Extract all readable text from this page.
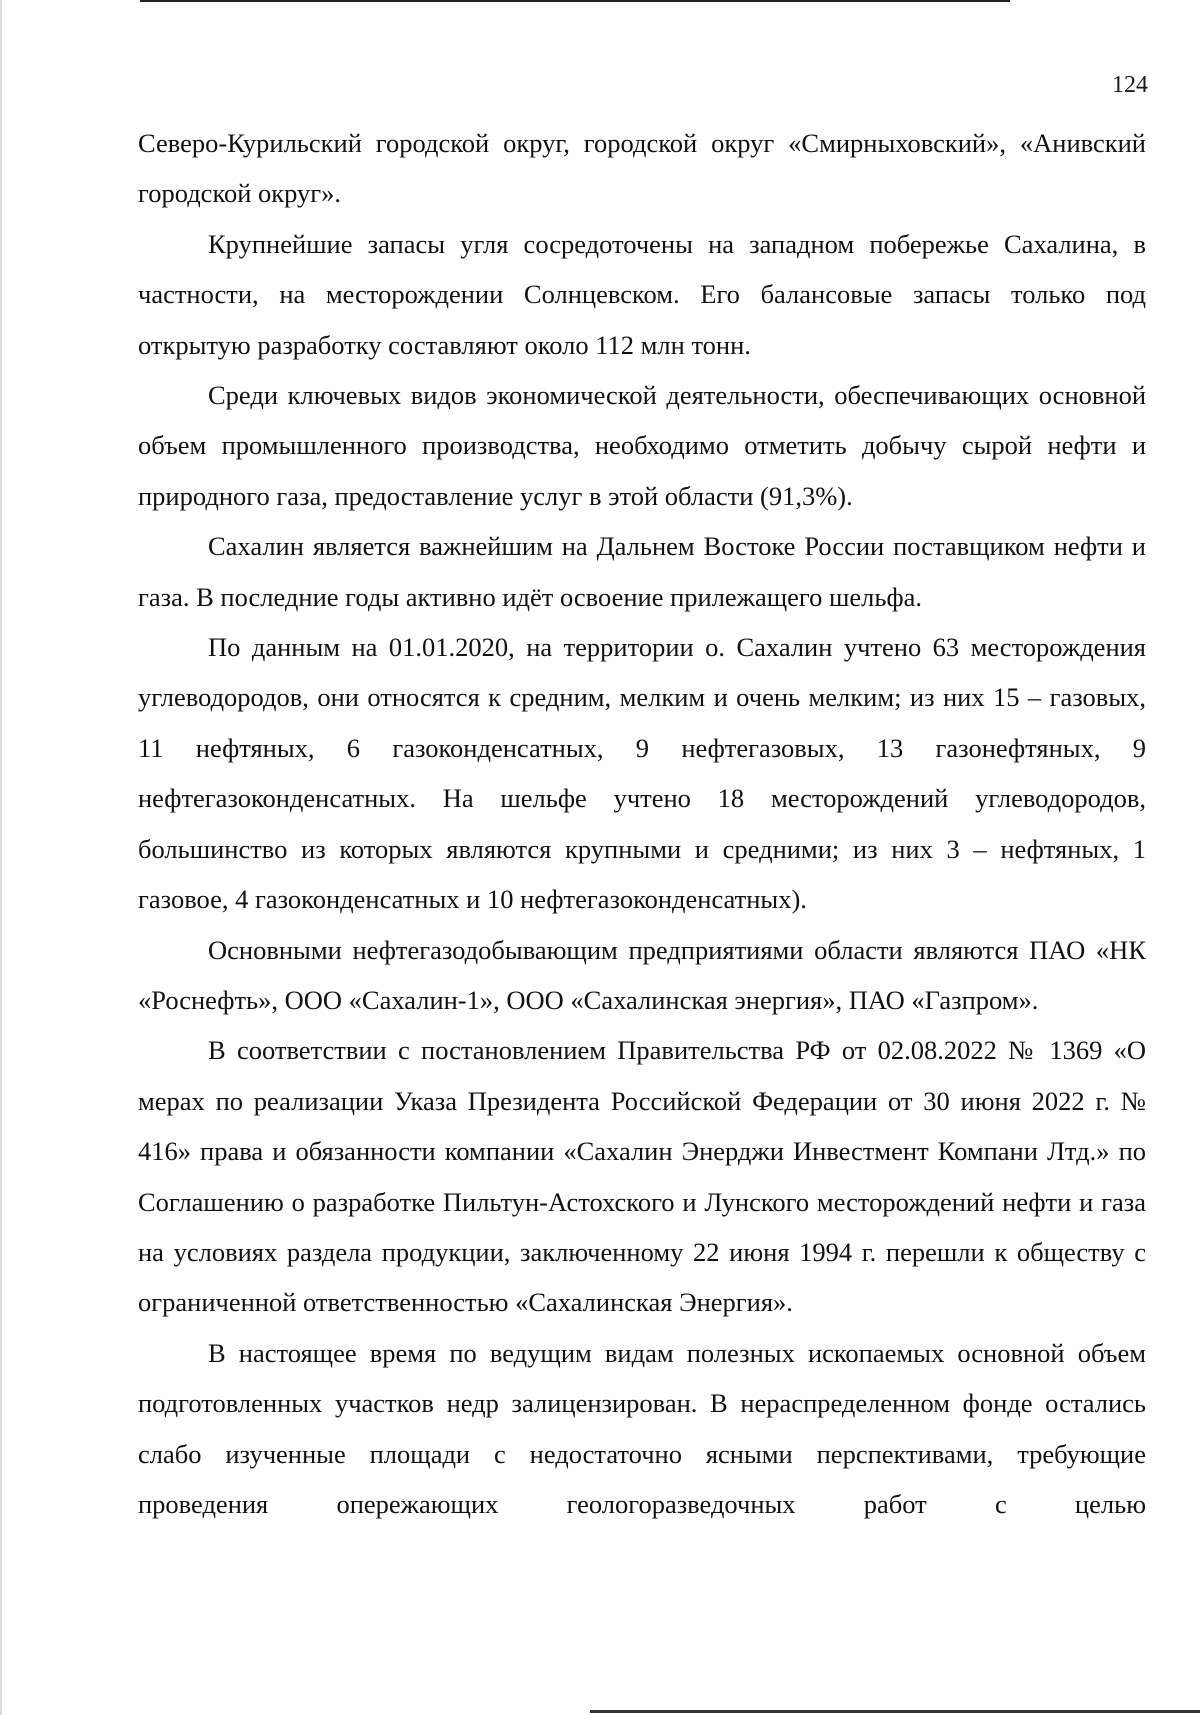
124

Северо-Курильский городской округ, городской округ «Смирныховский», «Анивский городской округ».

Крупнейшие запасы угля сосредоточены на западном побережье Сахалина, в частности, на месторождении Солнцевском. Его балансовые запасы только под открытую разработку составляют около 112 млн тонн.

Среди ключевых видов экономической деятельности, обеспечивающих основной объем промышленного производства, необходимо отметить добычу сырой нефти и природного газа, предоставление услуг в этой области (91,3%).

Сахалин является важнейшим на Дальнем Востоке России поставщиком нефти и газа. В последние годы активно идёт освоение прилежащего шельфа.

По данным на 01.01.2020, на территории о. Сахалин учтено 63 месторождения углеводородов, они относятся к средним, мелким и очень мелким; из них 15 – газовых, 11 нефтяных, 6 газоконденсатных, 9 нефтегазовых, 13 газонефтяных, 9 нефтегазоконденсатных. На шельфе учтено 18 месторождений углеводородов, большинство из которых являются крупными и средними; из них 3 – нефтяных, 1 газовое, 4 газоконденсатных и 10 нефтегазоконденсатных).

Основными нефтегазодобывающим предприятиями области являются ПАО «НК «Роснефть», ООО «Сахалин-1», ООО «Сахалинская энергия», ПАО «Газпром».

В соответствии с постановлением Правительства РФ от 02.08.2022 № 1369 «О мерах по реализации Указа Президента Российской Федерации от 30 июня 2022 г. № 416» права и обязанности компании «Сахалин Энерджи Инвестмент Компани Лтд.» по Соглашению о разработке Пильтун-Астохского и Лунского месторождений нефти и газа на условиях раздела продукции, заключенному 22 июня 1994 г. перешли к обществу с ограниченной ответственностью «Сахалинская Энергия».

В настоящее время по ведущим видам полезных ископаемых основной объем подготовленных участков недр залицензирован. В нераспределенном фонде остались слабо изученные площади с недостаточно ясными перспективами, требующие проведения опережающих геологоразведочных работ с целью
